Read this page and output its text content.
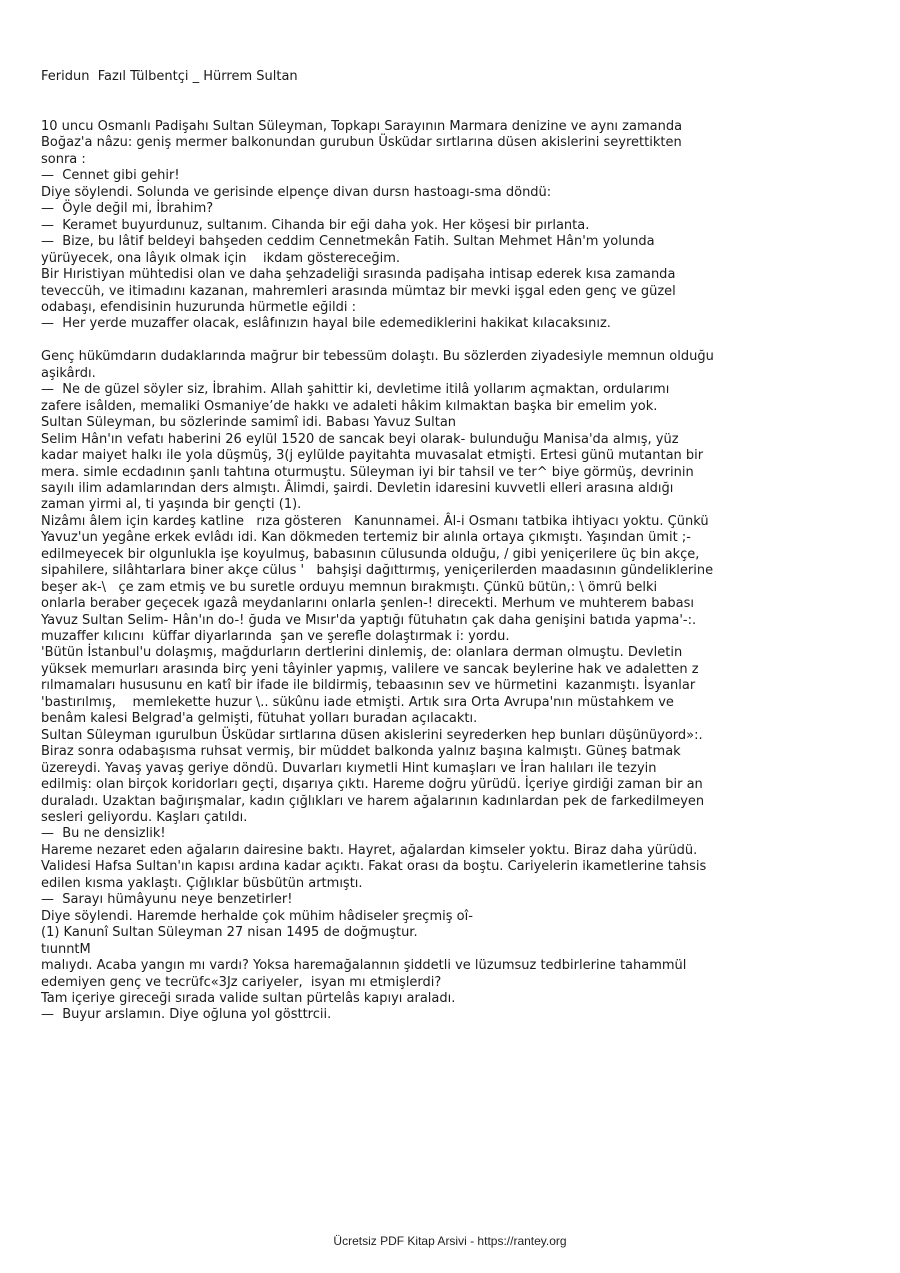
Feridun  Fazıl Tülbentçi _ Hürrem Sultan
10 uncu Osmanlı Padişahı Sultan Süleyman, Topkapı Sarayının Marmara denizine ve aynı zamanda
Boğaz'a nâzu: geniş mermer balkonundan gurubun Üsküdar sırtlarına düsen akislerini seyrettikten
sonra :
—  Cennet gibi gehir!
Diye söylendi. Solunda ve gerisinde elpençe divan dursn hastoagı-sma döndü:
—  Öyle değil mi, İbrahim?
—  Keramet buyurdunuz, sultanım. Cihanda bir eği daha yok. Her köşesi bir pırlanta.
—  Bize, bu lâtif beldeyi bahşeden ceddim Cennetmekân Fatih. Sultan Mehmet Hân'm yolunda
yürüyecek, ona lâyık olmak için    ikdam göstereceğim.
Bir Hıristiyan mühtedisi olan ve daha şehzadeliği sırasında padişaha intisap ederek kısa zamanda
teveccüh, ve itimadını kazanan, mahremleri arasında mümtaz bir mevki işgal eden genç ve güzel
odabaşı, efendisinin huzurunda hürmetle eğildi :
—  Her yerde muzaffer olacak, eslâfınızın hayal bile edemediklerini hakikat kılacaksınız.
Genç hükümdarın dudaklarında mağrur bir tebessüm dolaştı. Bu sözlerden ziyadesiyle memnun olduğu
aşikârdı.
—  Ne de güzel söyler siz, İbrahim. Allah şahittir ki, devletime itilâ yollarım açmaktan, ordularımı
zafere isâlden, memaliki Osmaniye’de hakkı ve adaleti hâkim kılmaktan başka bir emelim yok.
Sultan Süleyman, bu sözlerinde samimî idi. Babası Yavuz Sultan
Selim Hân'ın vefatı haberini 26 eylül 1520 de sancak beyi olarak- bulunduğu Manisa'da almış, yüz
kadar maiyet halkı ile yola düşmüş, 3(j eylülde payitahta muvasalat etmişti. Ertesi günü mutantan bir
mera. simle ecdadının şanlı tahtına oturmuştu. Süleyman iyi bir tahsil ve ter^ biye görmüş, devrinin
sayılı ilim adamlarından ders almıştı. Âlimdi, şairdi. Devletin idaresini kuvvetli elleri arasına aldığı
zaman yirmi al, ti yaşında bir gençti (1).
Nizâmı âlem için kardeş katline   rıza gösteren   Kanunnamei. Âl-i Osmanı tatbika ihtiyacı yoktu. Çünkü
Yavuz'un yegâne erkek evlâdı idi. Kan dökmeden tertemiz bir alınla ortaya çıkmıştı. Yaşından ümit ;-
edilmeyecek bir olgunlukla işe koyulmuş, babasının cülusunda olduğu, / gibi yeniçerilere üç bin akçe,
sipahilere, silâhtarlara biner akçe cülus '   bahşişi dağıttırmış, yeniçerilerden maadasının gündeliklerine
beşer ak-\   çe zam etmiş ve bu suretle orduyu memnun bırakmıştı. Çünkü bütün,: \ ömrü belki
onlarla beraber geçecek ıgazâ meydanlarını onlarla şenlen-! direcekti. Merhum ve muhterem babası
Yavuz Sultan Selim- Hân'ın do-! ğuda ve Mısır'da yaptığı fütuhatın çak daha genişini batıda yapma'-:.
muzaffer kılıcını  küffar diyarlarında  şan ve şerefle dolaştırmak i: yordu.
'Bütün İstanbul'u dolaşmış, mağdurların dertlerini dinlemiş, de: olanlara derman olmuştu. Devletin
yüksek memurları arasında birç yeni tâyinler yapmış, valilere ve sancak beylerine hak ve adaletten z
rılmamaları hususunu en katî bir ifade ile bildirmiş, tebaasının sev ve hürmetini  kazanmıştı. İsyanlar
'bastırılmış,    memlekette huzur \.. sükûnu iade etmişti. Artık sıra Orta Avrupa'nın müstahkem ve
benâm kalesi Belgrad'a gelmişti, fütuhat yolları buradan açılacaktı.
Sultan Süleyman ıgurulbun Üsküdar sırtlarına düsen akislerini seyrederken hep bunları düşünüyord»:.
Biraz sonra odabaşısma ruhsat vermiş, bir müddet balkonda yalnız başına kalmıştı. Güneş batmak
üzereydi. Yavaş yavaş geriye döndü. Duvarları kıymetli Hint kumaşları ve İran halıları ile tezyin
edilmiş: olan birçok koridorları geçti, dışarıya çıktı. Hareme doğru yürüdü. İçeriye girdiği zaman bir an
duraladı. Uzaktan bağırışmalar, kadın çığlıkları ve harem ağalarının kadınlardan pek de farkedilmeyen
sesleri geliyordu. Kaşları çatıldı.
—  Bu ne densizlik!
Hareme nezaret eden ağaların dairesine baktı. Hayret, ağalardan kimseler yoktu. Biraz daha yürüdü.
Validesi Hafsa Sultan'ın kapısı ardına kadar açıktı. Fakat orası da boştu. Cariyelerin ikametlerine tahsis
edilen kısma yaklaştı. Çığlıklar büsbütün artmıştı.
—  Sarayı hümâyunu neye benzetirler!
Diye söylendi. Haremde herhalde çok mühim hâdiseler şreçmiş oî-
(1) Kanunî Sultan Süleyman 27 nisan 1495 de doğmuştur.
tıunntM
malıydı. Acaba yangın mı vardı? Yoksa haremağalannın şiddetli ve lüzumsuz tedbirlerine tahammül
edemiyen genç ve tecrüfc«3Jz cariyeler,  isyan mı etmişlerdi?
Tam içeriye gireceği sırada valide sultan pürtelâs kapıyı araladı.
—  Buyur arslamın. Diye oğluna yol gösttrcii.
Ücretsiz PDF Kitap Arsivi - https://rantey.org
